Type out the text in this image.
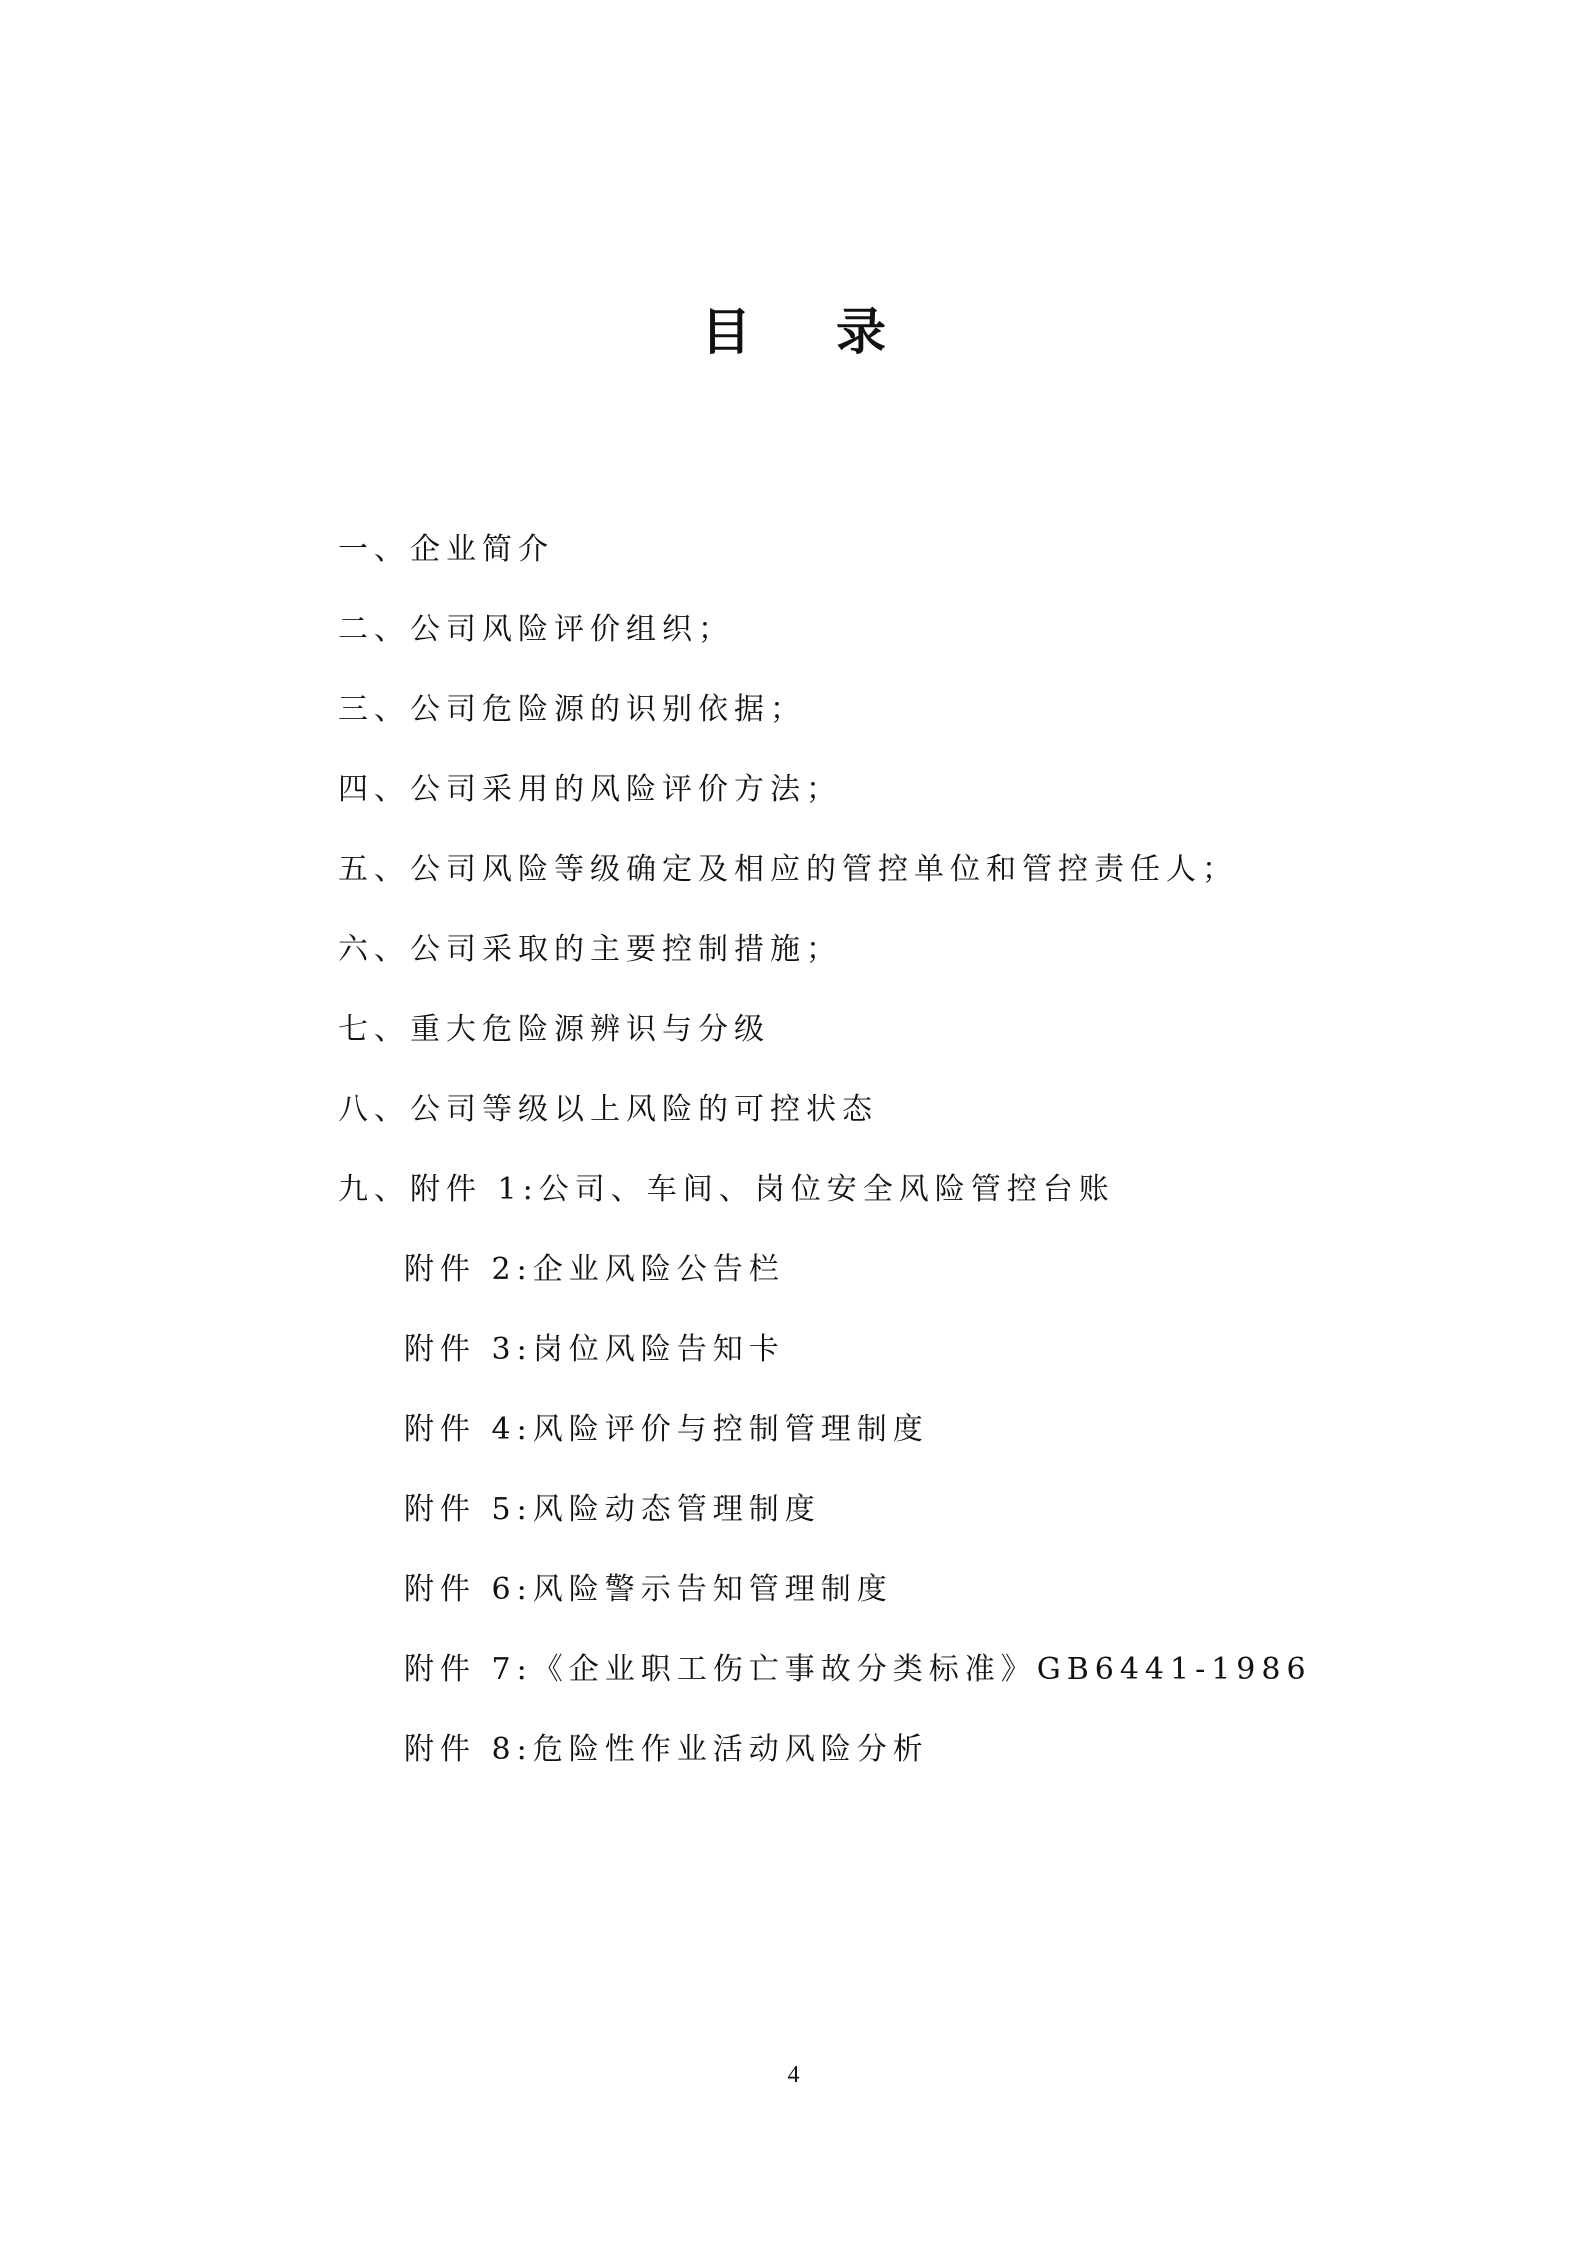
目录
一、企业简介
二、公司风险评价组织；
三、公司危险源的识别依据；
四、公司采用的风险评价方法；
五、公司风险等级确定及相应的管控单位和管控责任人；
六、公司采取的主要控制措施；
七、重大危险源辨识与分级
八、公司等级以上风险的可控状态
九、附件 1:公司、车间、岗位安全风险管控台账
附件 2:企业风险公告栏
附件 3:岗位风险告知卡
附件 4:风险评价与控制管理制度
附件 5:风险动态管理制度
附件 6:风险警示告知管理制度
附件 7:《企业职工伤亡事故分类标准》GB6441-1986
附件 8:危险性作业活动风险分析
4
